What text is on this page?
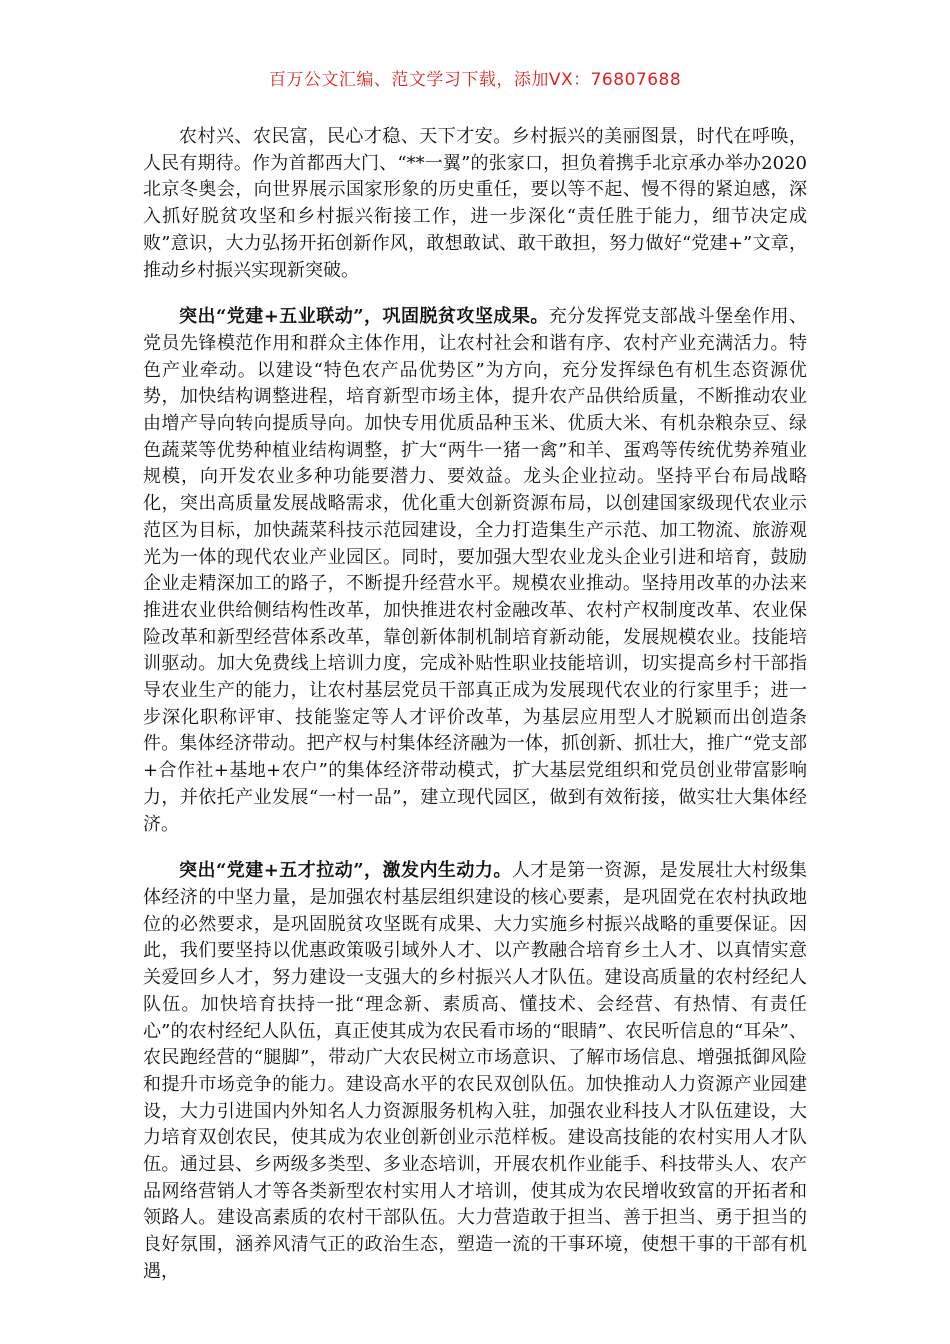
百万公文汇编、范文学习下载，添加VX：76807688

农村兴、农民富，民心才稳、天下才安。乡村振兴的美丽图景，时代在呼唤，人民有期待。作为首都西大门、“**一翼”的张家口，担负着携手北京承办举办2020北京冬奥会，向世界展示国家形象的历史重任，要以等不起、慢不得的紧迫感，深入抓好脱贫攻坚和乡村振兴衔接工作，进一步深化“责任胜于能力，细节决定成败”意识，大力弘扬开拓创新作风，敢想敢试、敢干敢担，努力做好“党建+”文章，推动乡村振兴实现新突破。

突出“党建+五业联动”，巩固脱贫攻坚成果。充分发挥党支部战斗堡垒作用、党员先锋模范作用和群众主体作用，让农村社会和谐有序、农村产业充满活力。特色产业牵动。以建设“特色农产品优势区”为方向，充分发挥绿色有机生态资源优势，加快结构调整进程，培育新型市场主体，提升农产品供给质量，不断推动农业由增产导向转向提质导向。加快专用优质品种玉米、优质大米、有机杂粮杂豆、绿色蔬菜等优势种植业结构调整，扩大“两牛一猪一禽”和羊、蛋鸡等传统优势养殖业规模，向开发农业多种功能要潜力、要效益。龙头企业拉动。坚持平台布局战略化，突出高质量发展战略需求，优化重大创新资源布局，以创建国家级现代农业示范区为目标，加快蔬菜科技示范园建设，全力打造集生产示范、加工物流、旅游观光为一体的现代农业产业园区。同时，要加强大型农业龙头企业引进和培育，鼓励企业走精深加工的路子，不断提升经营水平。规模农业推动。坚持用改革的办法来推进农业供给侧结构性改革，加快推进农村金融改革、农村产权制度改革、农业保险改革和新型经营体系改革，靠创新体制机制培育新动能，发展规模农业。技能培训驱动。加大免费线上培训力度，完成补贴性职业技能培训，切实提高乡村干部指导农业生产的能力，让农村基层党员干部真正成为发展现代农业的行家里手；进一步深化职称评审、技能鉴定等人才评价改革，为基层应用型人才脱颖而出创造条件。集体经济带动。把产权与村集体经济融为一体，抓创新、抓壮大，推广“党支部+合作社+基地+农户”的集体经济带动模式，扩大基层党组织和党员创业带富影响力，并依托产业发展“一村一品”，建立现代园区，做到有效衔接，做实壮大集体经济。

突出“党建+五才拉动”，激发内生动力。人才是第一资源，是发展壮大村级集体经济的中坚力量，是加强农村基层组织建设的核心要素，是巩固党在农村执政地位的必然要求，是巩固脱贫攻坚既有成果、大力实施乡村振兴战略的重要保证。因此，我们要坚持以优惠政策吸引域外人才、以产教融合培育乡土人才、以真情实意关爱回乡人才，努力建设一支强大的乡村振兴人才队伍。建设高质量的农村经纪人队伍。加快培育扶持一批“理念新、素质高、懂技术、会经营、有热情、有责任心”的农村经纪人队伍，真正使其成为农民看市场的“眼睛”、农民听信息的“耳朵”、农民跑经营的“腿脚”，带动广大农民树立市场意识、了解市场信息、增强抵御风险和提升市场竞争的能力。建设高水平的农民双创队伍。加快推动人力资源产业园建设，大力引进国内外知名人力资源服务机构入驻，加强农业科技人才队伍建设，大力培育双创农民，使其成为农业创新创业示范样板。建设高技能的农村实用人才队伍。通过县、乡两级多类型、多业态培训，开展农机作业能手、科技带头人、农产品网络营销人才等各类新型农村实用人才培训，使其成为农民增收致富的开拓者和领路人。建设高素质的农村干部队伍。大力营造敢于担当、善于担当、勇于担当的良好氛围，涵养风清气正的政治生态，塑造一流的干事环境，使想干事的干部有机遇，
